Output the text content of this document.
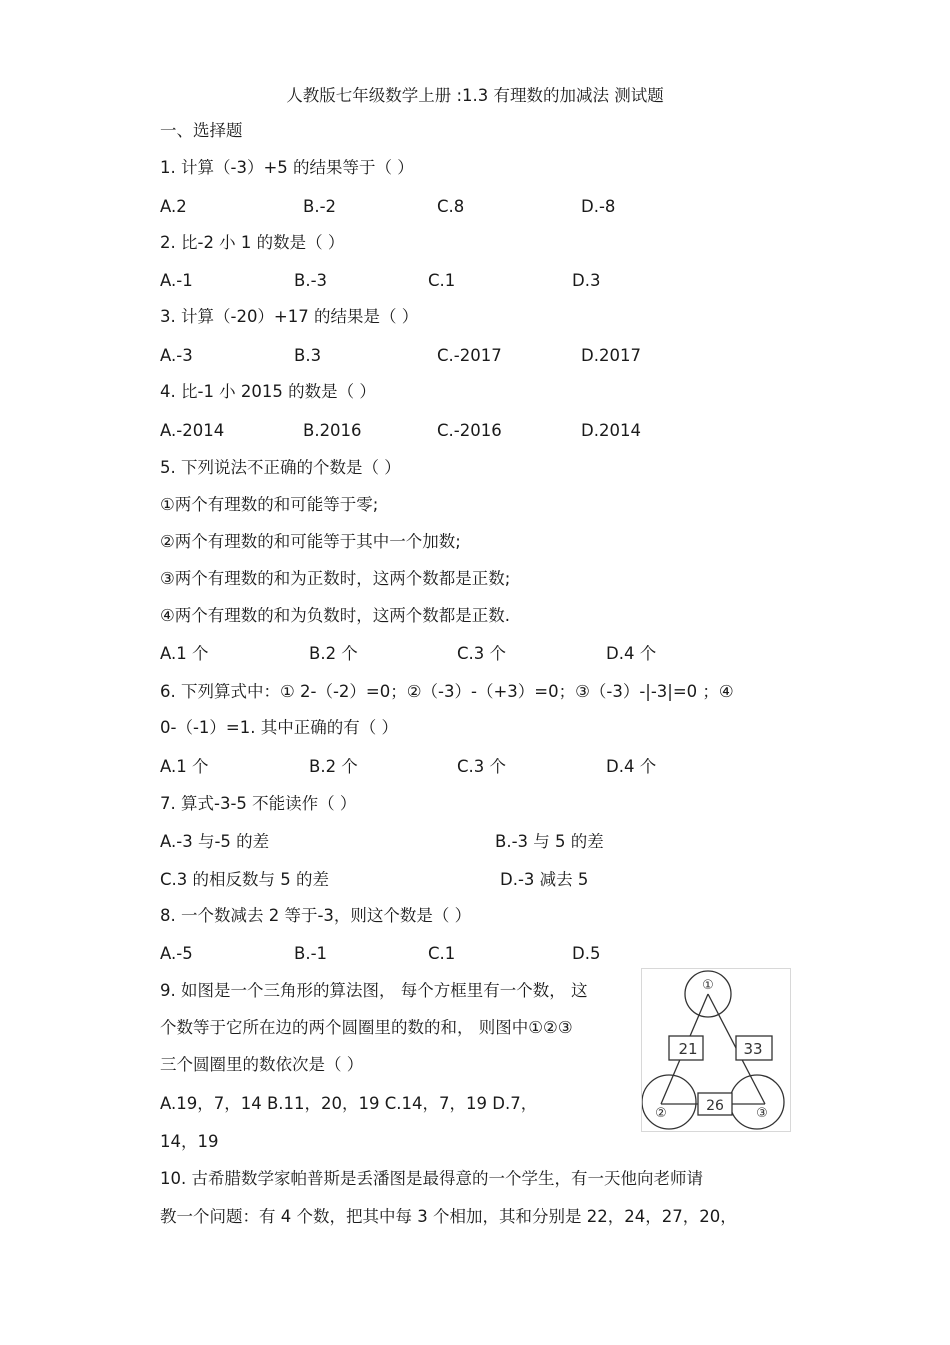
人教版七年级数学上册 :1.3 有理数的加减法 测试题
一、选择题
1. 计算（-3）+5 的结果等于（ ）
A.2	B.-2	C.8	D.-8
2. 比-2 小 1 的数是（ ）
A.-1	B.-3	C.1	D.3
3. 计算（-20）+17 的结果是（ ）
A.-3	B.3	C.-2017	D.2017
4. 比-1 小 2015 的数是（ ）
A.-2014	B.2016	C.-2016	D.2014
5. 下列说法不正确的个数是（ ）
①两个有理数的和可能等于零;
②两个有理数的和可能等于其中一个加数;
③两个有理数的和为正数时，这两个数都是正数;
④两个有理数的和为负数时，这两个数都是正数.
A.1 个	B.2 个	C.3 个	D.4 个
6. 下列算式中：① 2-（-2）=0；②（-3）-（+3）=0；③（-3）-|-3|=0 ；④
0-（-1）=1. 其中正确的有（ ）
A.1 个	B.2 个	C.3 个	D.4 个
7. 算式-3-5 不能读作（ ）
A.-3 与-5 的差	B.-3 与 5 的差
C.3 的相反数与 5 的差	D.-3 减去 5
8. 一个数减去 2 等于-3，则这个数是（ ）
A.-5	B.-1	C.1	D.5
9. 如图是一个三角形的算法图， 每个方框里有一个数， 这
个数等于它所在边的两个圆圈里的数的和， 则图中①②③
三个圆圈里的数依次是（ ）
A.19，7，14 B.11，20，19 C.14，7，19 D.7，
14，19
①
②	③
21	33
26
10. 古希腊数学家帕普斯是丢潘图是最得意的一个学生，有一天他向老师请
教一个问题：有 4 个数，把其中每 3 个相加，其和分别是 22，24，27，20，
